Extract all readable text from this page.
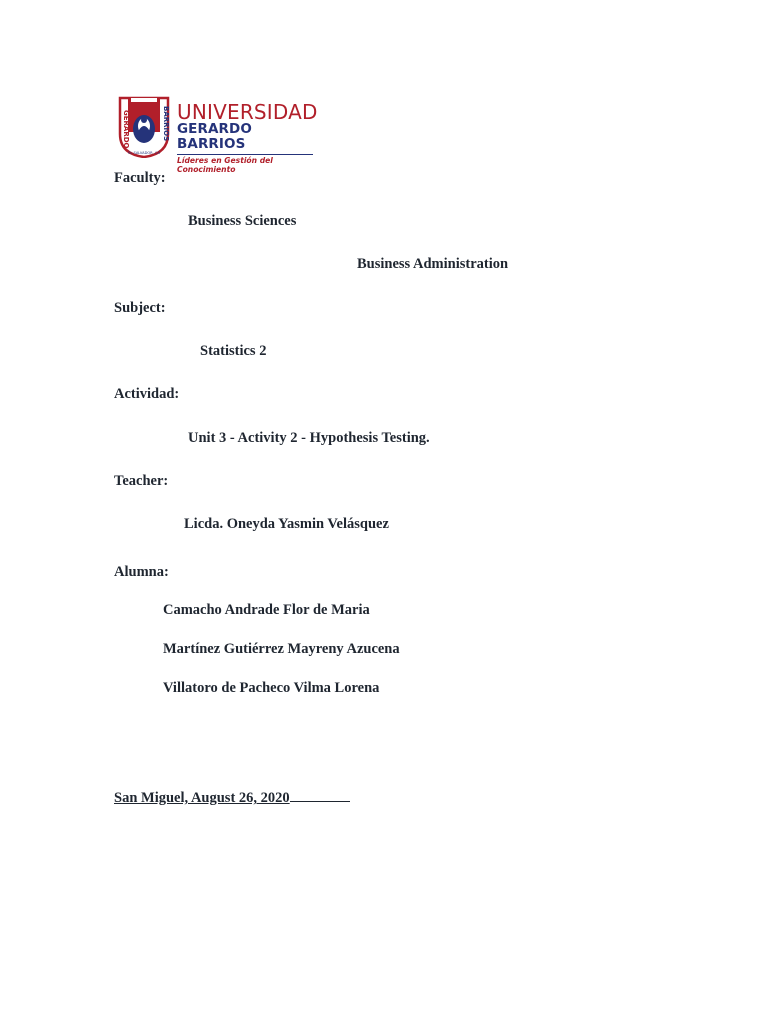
GERARDO	BARRIOS
EL SALVADOR, CA
UNIVERSIDAD
GERARDO BARRIOS
Líderes en Gestión del Conocimiento
Faculty:
Business Sciences
Business Administration
Subject:
Statistics 2
Actividad:
Unit 3 - Activity 2 - Hypothesis Testing.
Teacher:
Licda. Oneyda Yasmin Velásquez
Alumna:
Camacho Andrade Flor de Maria
Martínez Gutiérrez Mayreny Azucena
Villatoro de Pacheco Vilma Lorena
San Miguel, August 26, 2020
